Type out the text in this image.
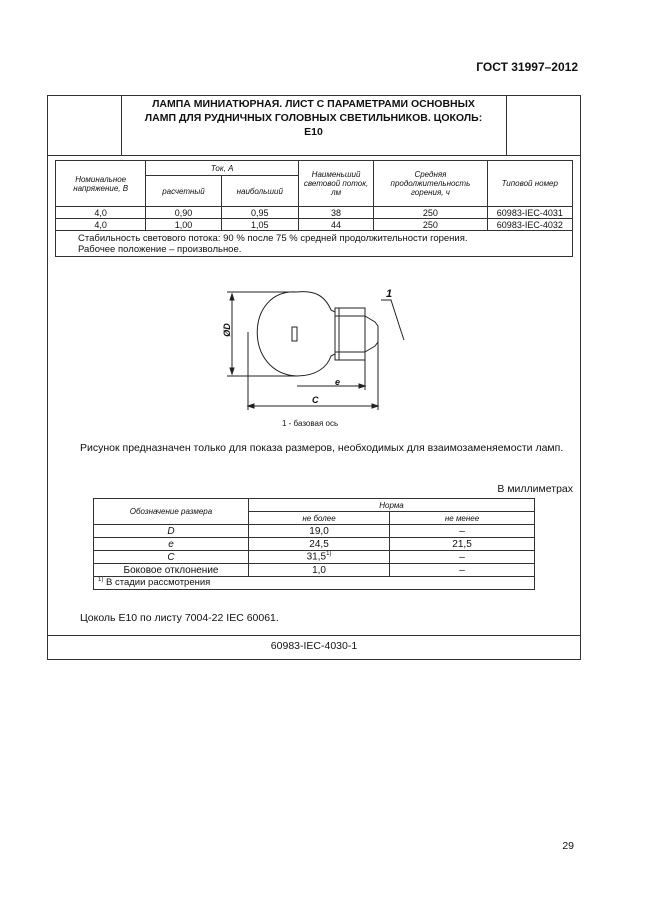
ГОСТ 31997–2012
ЛАМПА МИНИАТЮРНАЯ. ЛИСТ С ПАРАМЕТРАМИ ОСНОВНЫХ
ЛАМП ДЛЯ РУДНИЧНЫХ ГОЛОВНЫХ СВЕТИЛЬНИКОВ. ЦОКОЛЬ:
E10
Номинальное напряжение, В	Ток, А		Наименьший световой поток, лм	Средняя продолжительность горения, ч	Типовой номер
	расчетный	наибольший			
4,0	0,90	0,95	38	250	60983-IEC-4031
4,0	1,00	1,05	44	250	60983-IEC-4032

Стабильность светового потока: 90 % после 75 % средней продолжительности горения.
Рабочее положение – произвольное.					
ØD
e
C
1
1 - базовая ось
Рисунок предназначен только для показа размеров, необходимых для взаимозаменяемости ламп.
В миллиметрах
Обозначение размера	Норма	
	не более	не менее
D	19,0	–
e	24,5	21,5
C	31,5$^{1)}$	–
Боковое отклонение	1,0	–
$^{1)}$ В стадии рассмотрения		
Цоколь E10 по листу 7004-22 IEC 60061.
60983-IEC-4030-1
29
